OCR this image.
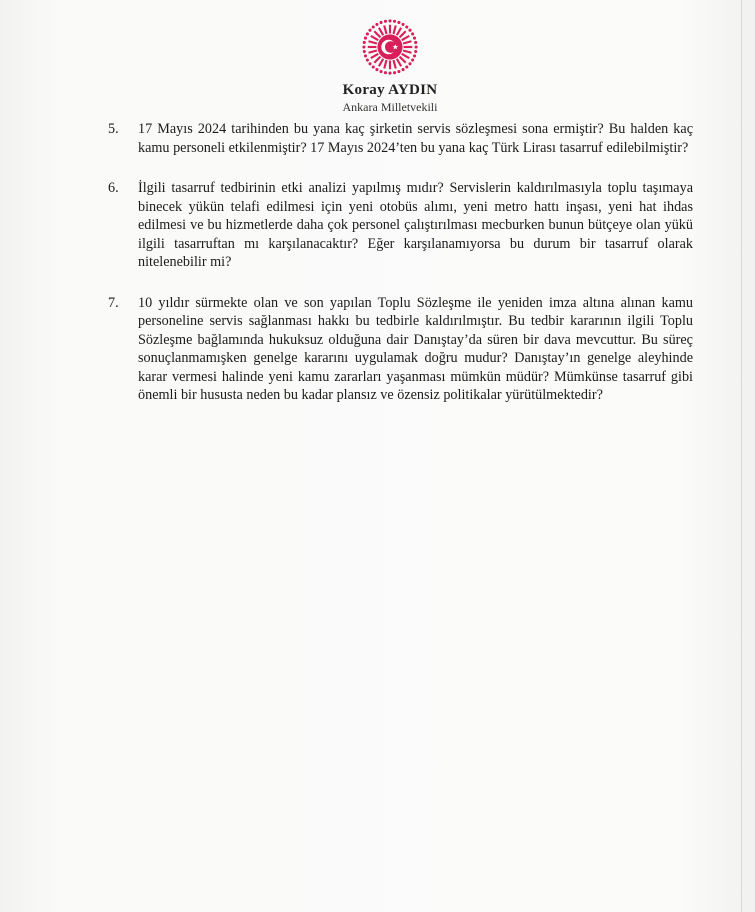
Koray AYDIN
Ankara Milletvekili
5.	17 Mayıs 2024 tarihinden bu yana kaç şirketin servis sözleşmesi sona ermiştir? Bu halden kaç kamu personeli etkilenmiştir? 17 Mayıs 2024’ten bu yana kaç Türk Lirası tasarruf edilebilmiştir?
6.	İlgili tasarruf tedbirinin etki analizi yapılmış mıdır? Servislerin kaldırılmasıyla toplu taşımaya binecek yükün telafi edilmesi için yeni otobüs alımı, yeni metro hattı inşası, yeni hat ihdas edilmesi ve bu hizmetlerde daha çok personel çalıştırılması mecburken bunun bütçeye olan yükü ilgili tasarruftan mı karşılanacaktır? Eğer karşılanamıyorsa bu durum bir tasarruf olarak nitelenebilir mi?
7.	10 yıldır sürmekte olan ve son yapılan Toplu Sözleşme ile yeniden imza altına alınan kamu personeline servis sağlanması hakkı bu tedbirle kaldırılmıştır. Bu tedbir kararının ilgili Toplu Sözleşme bağlamında hukuksuz olduğuna dair Danıştay’da süren bir dava mevcuttur. Bu süreç sonuçlanmamışken genelge kararını uygulamak doğru mudur? Danıştay’ın genelge aleyhinde karar vermesi halinde yeni kamu zararları yaşanması mümkün müdür? Mümkünse tasarruf gibi önemli bir hususta neden bu kadar plansız ve özensiz politikalar yürütülmektedir?
